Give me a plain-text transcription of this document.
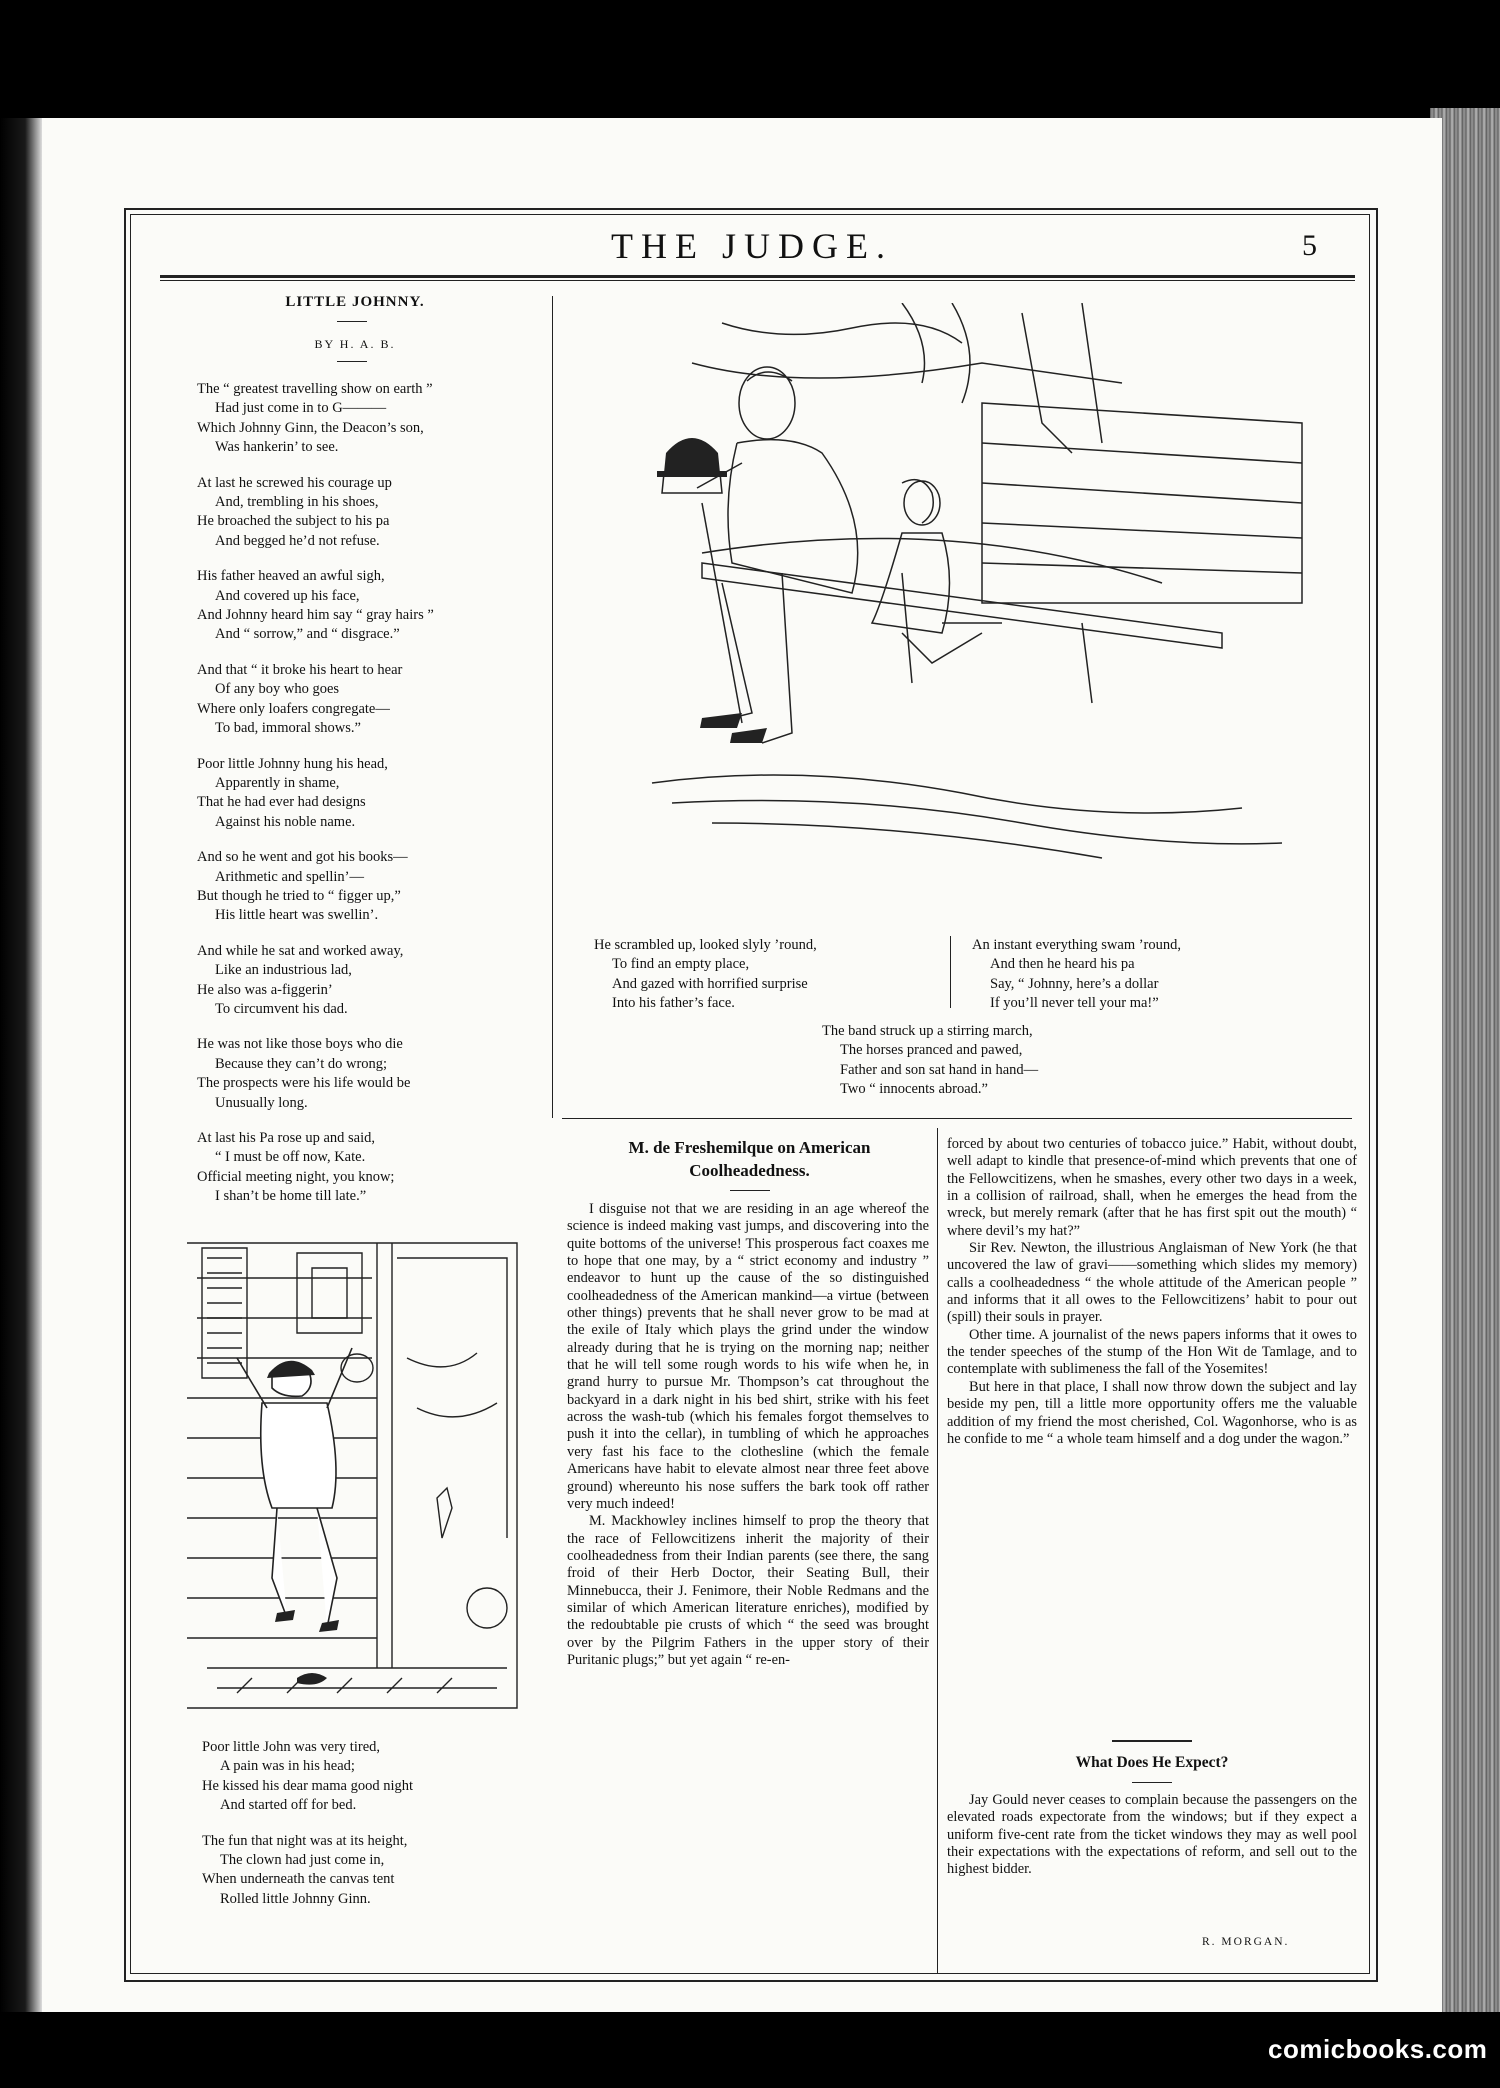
THE JUDGE.	5
LITTLE JOHNNY.
BY H. A. B.
The “ greatest travelling show on earth ”
Had just come in to G———
Which Johnny Ginn, the Deacon’s son,
Was hankerin’ to see.
At last he screwed his courage up
And, trembling in his shoes,
He broached the subject to his pa
And begged he’d not refuse.
His father heaved an awful sigh,
And covered up his face,
And Johnny heard him say “ gray hairs ”
And “ sorrow,” and “ disgrace.”
And that “ it broke his heart to hear
Of any boy who goes
Where only loafers congregate—
To bad, immoral shows.”
Poor little Johnny hung his head,
Apparently in shame,
That he had ever had designs
Against his noble name.
And so he went and got his books—
Arithmetic and spellin’—
But though he tried to “ figger up,”
His little heart was swellin’.
And while he sat and worked away,
Like an industrious lad,
He also was a-figgerin’
To circumvent his dad.
He was not like those boys who die
Because they can’t do wrong;
The prospects were his life would be
Unusually long.
At last his Pa rose up and said,
“ I must be off now, Kate.
Official meeting night, you know;
I shan’t be home till late.”
He scrambled up, looked slyly ’round,
To find an empty place,
And gazed with horrified surprise
Into his father’s face.
An instant everything swam ’round,
And then he heard his pa
Say, “ Johnny, here’s a dollar
If you’ll never tell your ma!”
The band struck up a stirring march,
The horses pranced and pawed,
Father and son sat hand in hand—
Two “ innocents abroad.”
Poor little John was very tired,
A pain was in his head;
He kissed his dear mama good night
And started off for bed.
The fun that night was at its height,
The clown had just come in,
When underneath the canvas tent
Rolled little Johnny Ginn.
M. de Freshemilque on American
Coolheadedness.

I disguise not that we are residing in an age whereof the science is indeed making vast jumps, and discovering into the quite bottoms of the universe! This prosperous fact coaxes me to hope that one may, by a “ strict economy and industry ” endeavor to hunt up the cause of the so distinguished coolheadedness of the American mankind—a virtue (between other things) prevents that he shall never grow to be mad at the exile of Italy which plays the grind under the window already during that he is trying on the morning nap; neither that he will tell some rough words to his wife when he, in grand hurry to pursue Mr. Thompson’s cat throughout the backyard in a dark night in his bed shirt, strike with his feet across the wash-tub (which his females forgot themselves to push it into the cellar), in tumbling of which he approaches very fast his face to the clothesline (which the female Americans have habit to elevate almost near three feet above ground) whereunto his nose suffers the bark took off rather very much indeed!

M. Mackhowley inclines himself to prop the theory that the race of Fellowcitizens inherit the majority of their coolheadedness from their Indian parents (see there, the sang froid of their Herb Doctor, their Seating Bull, their Minnebucca, their J. Fenimore, their Noble Redmans and the similar of which American literature enriches), modified by the redoubtable pie crusts of which “ the seed was brought over by the Pilgrim Fathers in the upper story of their Puritanic plugs;” but yet again “ re-en-

forced by about two centuries of tobacco juice.” Habit, without doubt, well adapt to kindle that presence-of-mind which prevents that one of the Fellowcitizens, when he smashes, every other two days in a week, in a collision of railroad, shall, when he emerges the head from the wreck, but merely remark (after that he has first spit out the mouth) “ where devil’s my hat?”

Sir Rev. Newton, the illustrious Anglaisman of New York (he that uncovered the law of gravi——something which slides my memory) calls a coolheadedness “ the whole attitude of the American people ” and informs that it all owes to the Fellowcitizens’ habit to pour out (spill) their souls in prayer.

Other time. A journalist of the news papers informs that it owes to the tender speeches of the stump of the Hon Wit de Tamlage, and to contemplate with sublimeness the fall of the Yosemites!

But here in that place, I shall now throw down the subject and lay beside my pen, till a little more opportunity offers me the valuable addition of my friend the most cherished, Col. Wagonhorse, who is as he confide to me “ a whole team himself and a dog under the wagon.”

What Does He Expect?

Jay Gould never ceases to complain because the passengers on the elevated roads expectorate from the windows; but if they expect a uniform five-cent rate from the ticket windows they may as well pool their expectations with the expectations of reform, and sell out to the highest bidder.

R. MORGAN.
comicbooks.com
